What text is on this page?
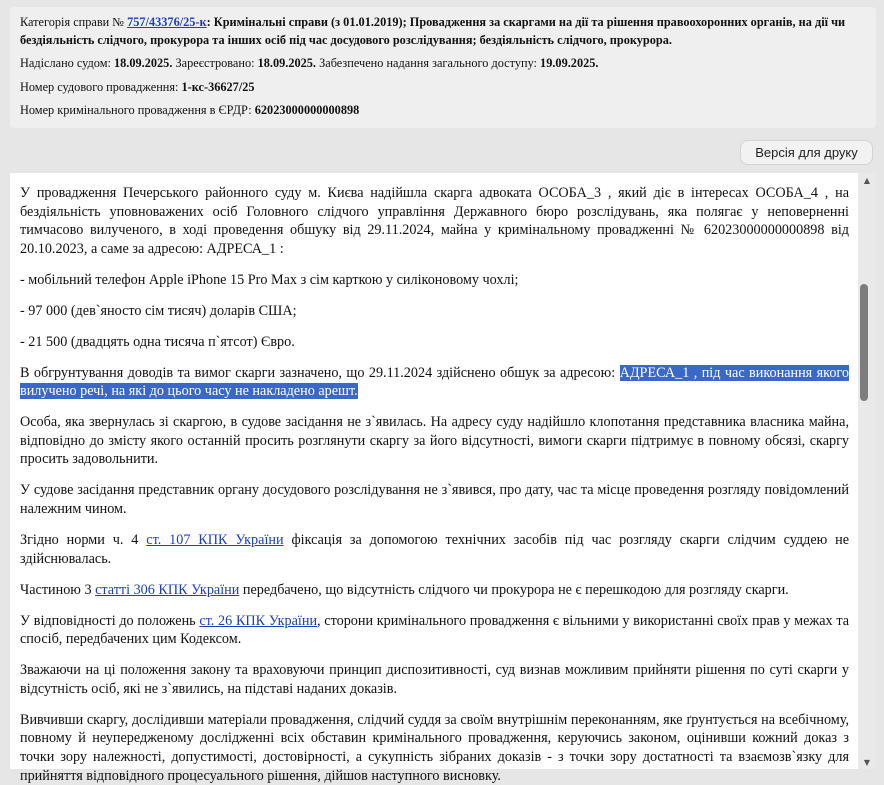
Категорія справи № 757/43376/25-к: Кримінальні справи (з 01.01.2019); Провадження за скаргами на дії та рішення правоохоронних органів, на дії чи бездіяльність слідчого, прокурора та інших осіб під час досудового розслідування; бездіяльність слідчого, прокурора.
Надіслано судом: 18.09.2025. Зареєстровано: 18.09.2025. Забезпечено надання загального доступу: 19.09.2025.
Номер судового провадження: 1-кс-36627/25
Номер кримінального провадження в ЄРДР: 62023000000000898
Версія для друку

У провадження Печерського районного суду м. Києва надійшла скарга адвоката ОСОБА_3 , який діє в інтересах ОСОБА_4 , на бездіяльність уповноважених осіб Головного слідчого управління Державного бюро розслідувань, яка полягає у неповерненні тимчасово вилученого, в ході проведення обшуку від 29.11.2024, майна у кримінальному провадженні № 62023000000000898 від 20.10.2023, а саме за адресою: АДРЕСА_1 :

- мобільний телефон Apple iPhone 15 Pro Max з сім карткою у силіконовому чохлі;

- 97 000 (дев`яносто сім тисяч) доларів США;

- 21 500 (двадцять одна тисяча п`ятсот) Євро.

В обгрунтування доводів та вимог скарги зазначено, що 29.11.2024 здійснено обшук за адресою: АДРЕСА_1 , під час виконання якого вилучено речі, на які до цього часу не накладено арешт.

Особа, яка звернулась зі скаргою, в судове засідання не з`явилась. На адресу суду надійшло клопотання представника власника майна, відповідно до змісту якого останній просить розглянути скаргу за його відсутності, вимоги скарги підтримує в повному обсязі, скаргу просить задовольнити.

У судове засідання представник органу досудового розслідування не з`явився, про дату, час та місце проведення розгляду повідомлений належним чином.

Згідно норми ч. 4 ст. 107 КПК України фіксація за допомогою технічних засобів під час розгляду скарги слідчим суддею не здійснювалась.

Частиною 3 статті 306 КПК України передбачено, що відсутність слідчого чи прокурора не є перешкодою для розгляду скарги.

У відповідності до положень ст. 26 КПК України, сторони кримінального провадження є вільними у використанні своїх прав у межах та спосіб, передбачених цим Кодексом.

Зважаючи на ці положення закону та враховуючи принцип диспозитивності, суд визнав можливим прийняти рішення по суті скарги у відсутність осіб, які не з`явились, на підставі наданих доказів.

Вивчивши скаргу, дослідивши матеріали провадження, слідчий суддя за своїм внутрішнім переконанням, яке ґрунтується на всебічному, повному й неупередженому дослідженні всіх обставин кримінального провадження, керуючись законом, оцінивши кожний доказ з точки зору належності, допустимості, достовірності, а сукупність зібраних доказів - з точки зору достатності та взаємозв`язку для прийняття відповідного процесуального рішення, дійшов наступного висновку.

▲
▼
